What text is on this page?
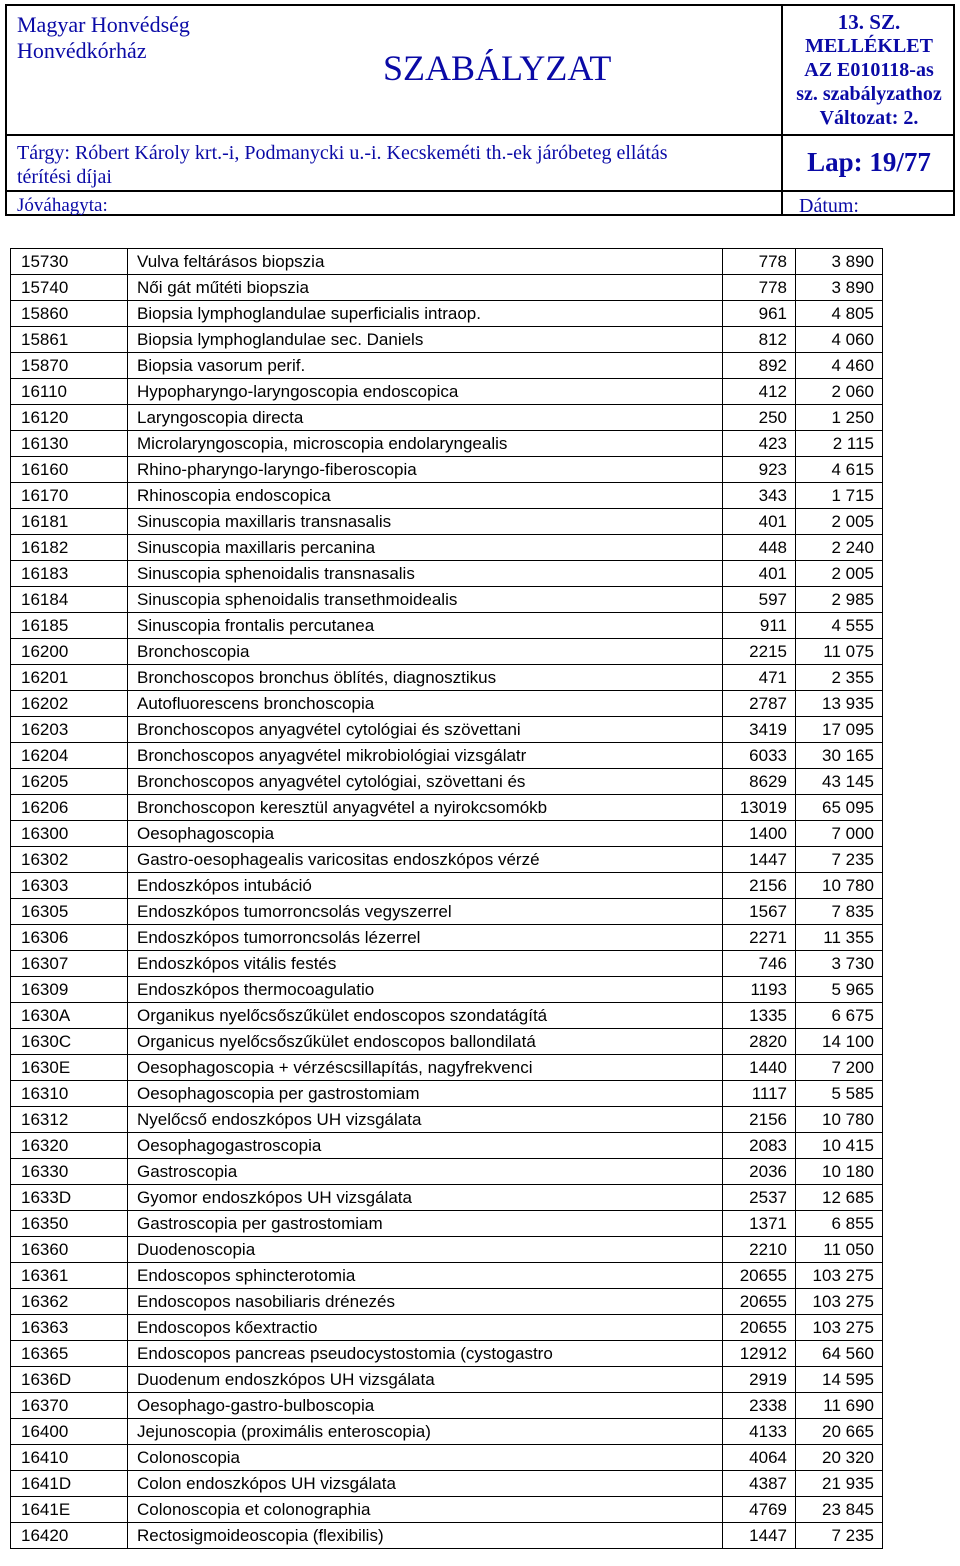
Magyar Honvédség
Honvédkórház	SZABÁLYZAT
13. SZ.
MELLÉKLET
AZ E010118-as
sz. szabályzathoz
Változat: 2.
Tárgy: Róbert Károly krt.-i, Podmanycki u.-i. Kecskeméti th.-ek járóbeteg ellátás
térítési díjai	Lap: 19/77
Jóváhagyta:	Dátum:
15730	Vulva feltárásos biopszia	778	3 890
15740	Női gát műtéti biopszia	778	3 890
15860	Biopsia lymphoglandulae superficialis intraop.	961	4 805
15861	Biopsia lymphoglandulae sec. Daniels	812	4 060
15870	Biopsia vasorum perif.	892	4 460
16110	Hypopharyngo-laryngoscopia endoscopica	412	2 060
16120	Laryngoscopia directa	250	1 250
16130	Microlaryngoscopia, microscopia endolaryngealis	423	2 115
16160	Rhino-pharyngo-laryngo-fiberoscopia	923	4 615
16170	Rhinoscopia endoscopica	343	1 715
16181	Sinuscopia maxillaris transnasalis	401	2 005
16182	Sinuscopia maxillaris percanina	448	2 240
16183	Sinuscopia sphenoidalis transnasalis	401	2 005
16184	Sinuscopia sphenoidalis transethmoidealis	597	2 985
16185	Sinuscopia frontalis percutanea	911	4 555
16200	Bronchoscopia	2215	11 075
16201	Bronchoscopos bronchus öblítés, diagnosztikus	471	2 355
16202	Autofluorescens bronchoscopia	2787	13 935
16203	Bronchoscopos anyagvétel cytológiai és szövettani	3419	17 095
16204	Bronchoscopos anyagvétel mikrobiológiai vizsgálatr	6033	30 165
16205	Bronchoscopos anyagvétel cytológiai, szövettani és	8629	43 145
16206	Bronchoscopon keresztül anyagvétel a nyirokcsomókb	13019	65 095
16300	Oesophagoscopia	1400	7 000
16302	Gastro-oesophagealis varicositas endoszkópos vérzé	1447	7 235
16303	Endoszkópos intubáció	2156	10 780
16305	Endoszkópos tumorroncsolás vegyszerrel	1567	7 835
16306	Endoszkópos tumorroncsolás lézerrel	2271	11 355
16307	Endoszkópos vitális festés	746	3 730
16309	Endoszkópos thermocoagulatio	1193	5 965
1630A	Organikus nyelőcsőszűkület endoscopos szondatágítá	1335	6 675
1630C	Organicus nyelőcsőszűkület endoscopos ballondilatá	2820	14 100
1630E	Oesophagoscopia + vérzéscsillapítás, nagyfrekvenci	1440	7 200
16310	Oesophagoscopia per gastrostomiam	1117	5 585
16312	Nyelőcső endoszkópos UH vizsgálata	2156	10 780
16320	Oesophagogastroscopia	2083	10 415
16330	Gastroscopia	2036	10 180
1633D	Gyomor endoszkópos UH vizsgálata	2537	12 685
16350	Gastroscopia per gastrostomiam	1371	6 855
16360	Duodenoscopia	2210	11 050
16361	Endoscopos sphincterotomia	20655	103 275
16362	Endoscopos nasobiliaris drénezés	20655	103 275
16363	Endoscopos kőextractio	20655	103 275
16365	Endoscopos pancreas pseudocystostomia (cystogastro	12912	64 560
1636D	Duodenum endoszkópos UH vizsgálata	2919	14 595
16370	Oesophago-gastro-bulboscopia	2338	11 690
16400	Jejunoscopia (proximális enteroscopia)	4133	20 665
16410	Colonoscopia	4064	20 320
1641D	Colon endoszkópos UH vizsgálata	4387	21 935
1641E	Colonoscopia et colonographia	4769	23 845
16420	Rectosigmoideoscopia (flexibilis)	1447	7 235
